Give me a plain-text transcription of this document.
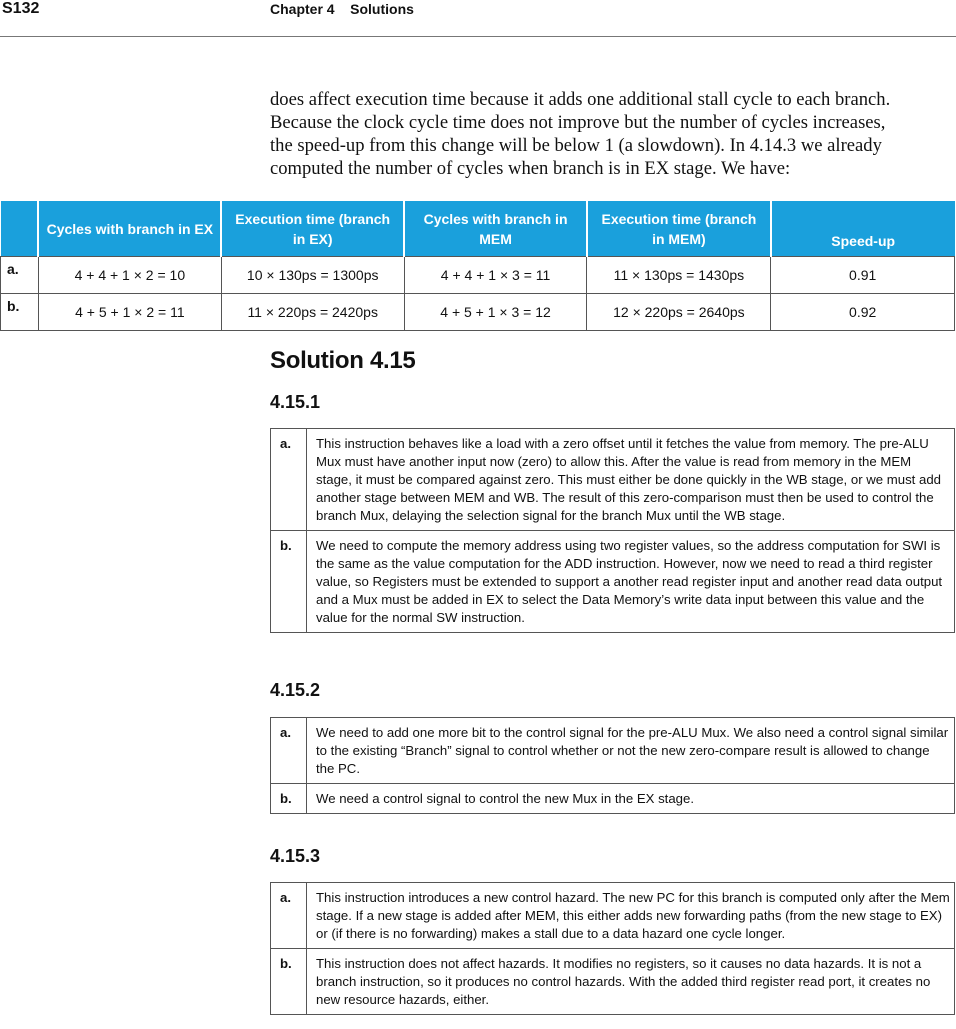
S132	Chapter 4    Solutions

does affect execution time because it adds one additional stall cycle to each branch.

Because the clock cycle time does not improve but the number of cycles increases,

the speed-up from this change will be below 1 (a slowdown). In 4.14.3 we already

computed the number of cycles when branch is in EX stage. We have:

	Cycles with branch in EX	Execution time (branch in EX)	Cycles with branch in MEM	Execution time (branch in MEM)	Speed-up
a.	4 + 4 + 1 × 2 = 10	10 × 130ps = 1300ps	4 + 4 + 1 × 3 = 11	11 × 130ps = 1430ps	0.91
b.	4 + 5 + 1 × 2 = 11	11 × 220ps = 2420ps	4 + 5 + 1 × 3 = 12	12 × 220ps = 2640ps	0.92
Solution 4.15
4.15.1
a.	This instruction behaves like a load with a zero offset until it fetches the value from memory. The pre-ALU Mux must have another input now (zero) to allow this. After the value is read from memory in the MEM stage, it must be compared against zero. This must either be done quickly in the WB stage, or we must add another stage between MEM and WB. The result of this zero-comparison must then be used to control the branch Mux, delaying the selection signal for the branch Mux until the WB stage.
b.	We need to compute the memory address using two register values, so the address computation for SWI is the same as the value computation for the ADD instruction. However, now we need to read a third register value, so Registers must be extended to support a another read register input and another read data output and a Mux must be added in EX to select the Data Memory’s write data input between this value and the value for the normal SW instruction.
4.15.2
a.	We need to add one more bit to the control signal for the pre-ALU Mux. We also need a control signal similar to the existing “Branch” signal to control whether or not the new zero-compare result is allowed to change the PC.
b.	We need a control signal to control the new Mux in the EX stage.
4.15.3
a.	This instruction introduces a new control hazard. The new PC for this branch is computed only after the Mem stage. If a new stage is added after MEM, this either adds new forwarding paths (from the new stage to EX) or (if there is no forwarding) makes a stall due to a data hazard one cycle longer.
b.	This instruction does not affect hazards. It modifies no registers, so it causes no data hazards. It is not a branch instruction, so it produces no control hazards. With the added third register read port, it creates no new resource hazards, either.
